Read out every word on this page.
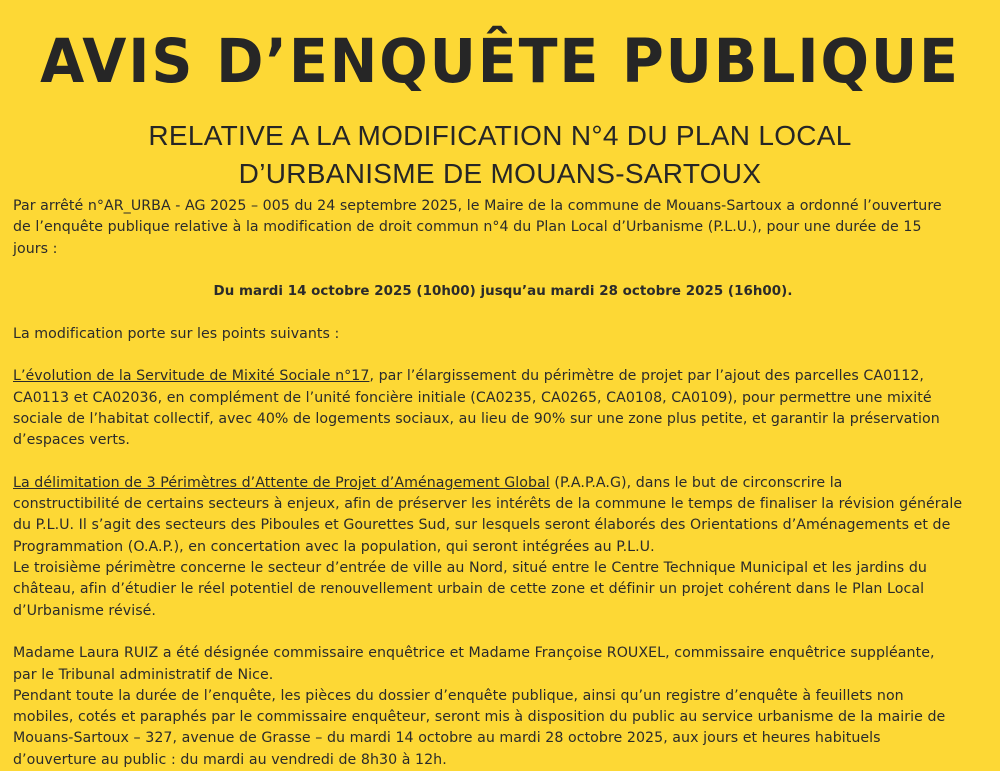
AVIS D’ENQUÊTE PUBLIQUE
RELATIVE A LA MODIFICATION N°4 DU PLAN LOCAL
D’URBANISME DE MOUANS-SARTOUX

Par arrêté n°AR_URBA - AG 2025 – 005 du 24 septembre 2025, le Maire de la commune de Mouans-Sartoux a ordonné l’ouverture

de l’enquête publique relative à la modification de droit commun n°4 du Plan Local d’Urbanisme (P.L.U.), pour une durée de 15

jours :

Du mardi 14 octobre 2025 (10h00) jusqu’au mardi 28 octobre 2025 (16h00).

La modification porte sur les points suivants :

L’évolution de la Servitude de Mixité Sociale n°17, par l’élargissement du périmètre de projet par l’ajout des parcelles CA0112,

CA0113 et CA02036, en complément de l’unité foncière initiale (CA0235, CA0265, CA0108, CA0109), pour permettre une mixité

sociale de l’habitat collectif, avec 40% de logements sociaux, au lieu de 90% sur une zone plus petite, et garantir la préservation

d’espaces verts.

La délimitation de 3 Périmètres d’Attente de Projet d’Aménagement Global (P.A.P.A.G), dans le but de circonscrire la

constructibilité de certains secteurs à enjeux, afin de préserver les intérêts de la commune le temps de finaliser la révision générale

du P.L.U. Il s’agit des secteurs des Piboules et Gourettes Sud, sur lesquels seront élaborés des Orientations d’Aménagements et de

Programmation (O.A.P.), en concertation avec la population, qui seront intégrées au P.L.U.

Le troisième périmètre concerne le secteur d’entrée de ville au Nord, situé entre le Centre Technique Municipal et les jardins du

château, afin d’étudier le réel potentiel de renouvellement urbain de cette zone et définir un projet cohérent dans le Plan Local

d’Urbanisme révisé.

Madame Laura RUIZ a été désignée commissaire enquêtrice et Madame Françoise ROUXEL, commissaire enquêtrice suppléante,

par le Tribunal administratif de Nice.

Pendant toute la durée de l’enquête, les pièces du dossier d’enquête publique, ainsi qu’un registre d’enquête à feuillets non

mobiles, cotés et paraphés par le commissaire enquêteur, seront mis à disposition du public au service urbanisme de la mairie de

Mouans-Sartoux – 327, avenue de Grasse – du mardi 14 octobre au mardi 28 octobre 2025, aux jours et heures habituels

d’ouverture au public : du mardi au vendredi de 8h30 à 12h.
